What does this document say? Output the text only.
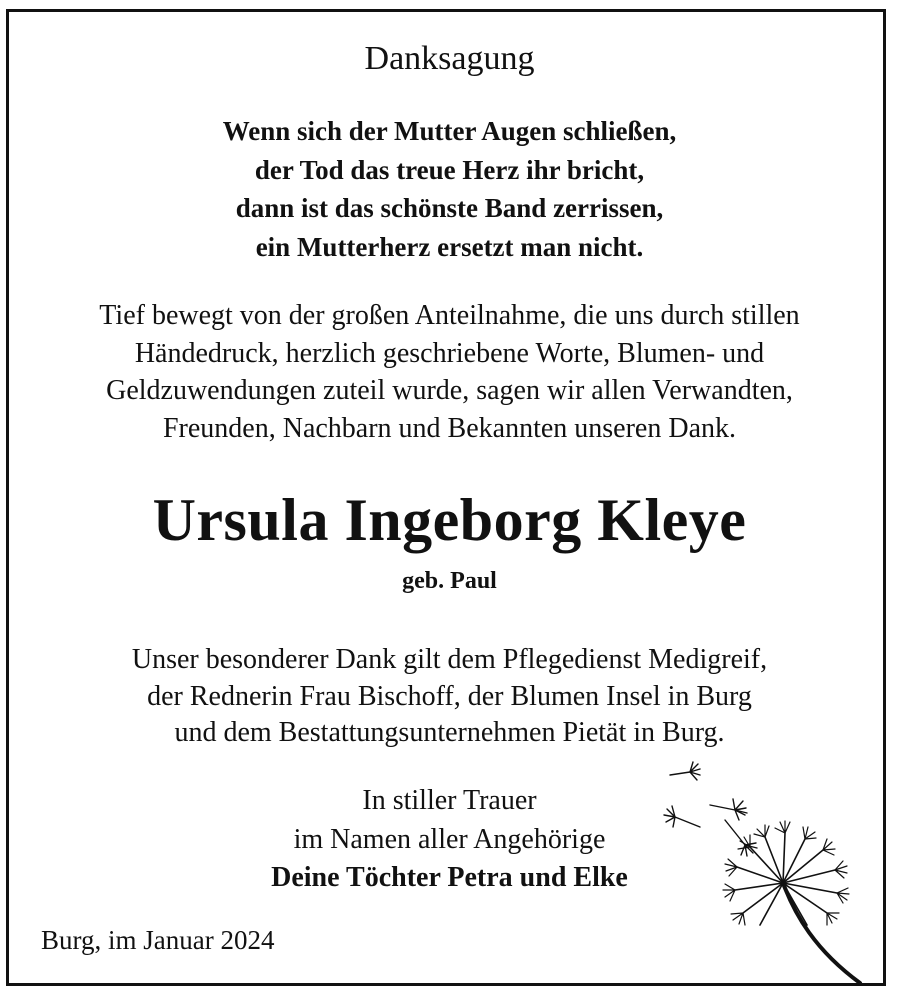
Danksagung
Wenn sich der Mutter Augen schließen,
der Tod das treue Herz ihr bricht,
dann ist das schönste Band zerrissen,
ein Mutterherz ersetzt man nicht.
Tief bewegt von der großen Anteilnahme, die uns durch stillen
Händedruck, herzlich geschriebene Worte, Blumen- und
Geldzuwendungen zuteil wurde, sagen wir allen Verwandten,
Freunden, Nachbarn und Bekannten unseren Dank.
Ursula Ingeborg Kleye
geb. Paul
Unser besonderer Dank gilt dem Pflegedienst Medigreif,
der Rednerin Frau Bischoff, der Blumen Insel in Burg
und dem Bestattungsunternehmen Pietät in Burg.
In stiller Trauer
im Namen aller Angehörige
Deine Töchter Petra und Elke
Burg, im Januar 2024
